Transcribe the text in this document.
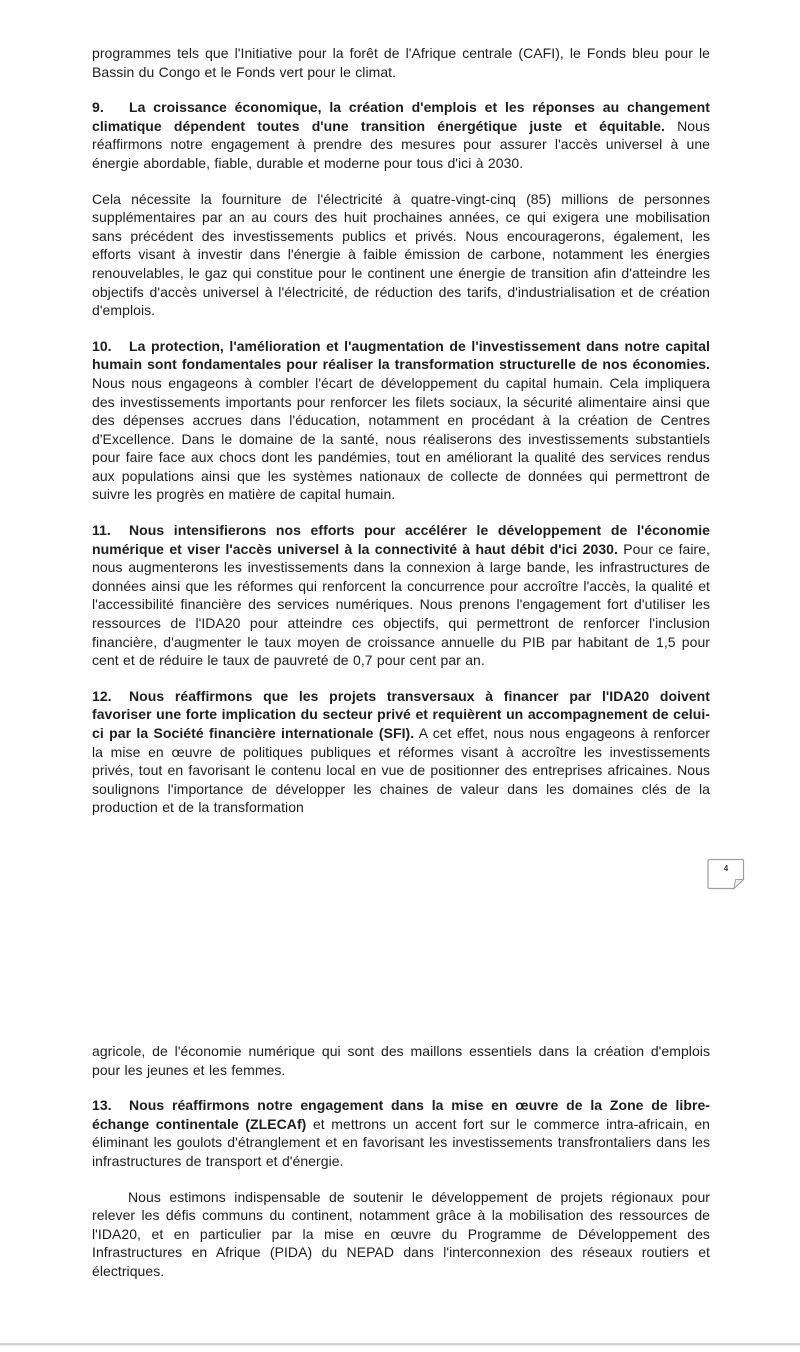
programmes tels que l'Initiative pour la forêt de l'Afrique centrale (CAFI), le Fonds bleu pour le Bassin du Congo et le Fonds vert pour le climat.

9. La croissance économique, la création d'emplois et les réponses au changement climatique dépendent toutes d'une transition énergétique juste et équitable. Nous réaffirmons notre engagement à prendre des mesures pour assurer l'accès universel à une énergie abordable, fiable, durable et moderne pour tous d'ici à 2030.

Cela nécessite la fourniture de l'électricité à quatre-vingt-cinq (85) millions de personnes supplémentaires par an au cours des huit prochaines années, ce qui exigera une mobilisation sans précédent des investissements publics et privés. Nous encouragerons, également, les efforts visant à investir dans l'énergie à faible émission de carbone, notamment les énergies renouvelables, le gaz qui constitue pour le continent une énergie de transition afin d'atteindre les objectifs d'accès universel à l'électricité, de réduction des tarifs, d'industrialisation et de création d'emplois.

10. La protection, l'amélioration et l'augmentation de l'investissement dans notre capital humain sont fondamentales pour réaliser la transformation structurelle de nos économies. Nous nous engageons à combler l'écart de développement du capital humain. Cela impliquera des investissements importants pour renforcer les filets sociaux, la sécurité alimentaire ainsi que des dépenses accrues dans l'éducation, notamment en procédant à la création de Centres d'Excellence. Dans le domaine de la santé, nous réaliserons des investissements substantiels pour faire face aux chocs dont les pandémies, tout en améliorant la qualité des services rendus aux populations ainsi que les systèmes nationaux de collecte de données qui permettront de suivre les progrès en matière de capital humain.

11. Nous intensifierons nos efforts pour accélérer le développement de l'économie numérique et viser l'accès universel à la connectivité à haut débit d'ici 2030. Pour ce faire, nous augmenterons les investissements dans la connexion à large bande, les infrastructures de données ainsi que les réformes qui renforcent la concurrence pour accroître l'accès, la qualité et l'accessibilité financière des services numériques. Nous prenons l'engagement fort d'utiliser les ressources de l'IDA20 pour atteindre ces objectifs, qui permettront de renforcer l'inclusion financière, d'augmenter le taux moyen de croissance annuelle du PIB par habitant de 1,5 pour cent et de réduire le taux de pauvreté de 0,7 pour cent par an.

12. Nous réaffirmons que les projets transversaux à financer par l'IDA20 doivent favoriser une forte implication du secteur privé et requièrent un accompagnement de celui-ci par la Société financière internationale (SFI). A cet effet, nous nous engageons à renforcer la mise en œuvre de politiques publiques et réformes visant à accroître les investissements privés, tout en favorisant le contenu local en vue de positionner des entreprises africaines. Nous soulignons l'importance de développer les chaines de valeur dans les domaines clés de la production et de la transformation

4

agricole, de l'économie numérique qui sont des maillons essentiels dans la création d'emplois pour les jeunes et les femmes.

13. Nous réaffirmons notre engagement dans la mise en œuvre de la Zone de libre-échange continentale (ZLECAf) et mettrons un accent fort sur le commerce intra-africain, en éliminant les goulots d'étranglement et en favorisant les investissements transfrontaliers dans les infrastructures de transport et d'énergie.

Nous estimons indispensable de soutenir le développement de projets régionaux pour relever les défis communs du continent, notamment grâce à la mobilisation des ressources de l'IDA20, et en particulier par la mise en œuvre du Programme de Développement des Infrastructures en Afrique (PIDA) du NEPAD dans l'interconnexion des réseaux routiers et électriques.
